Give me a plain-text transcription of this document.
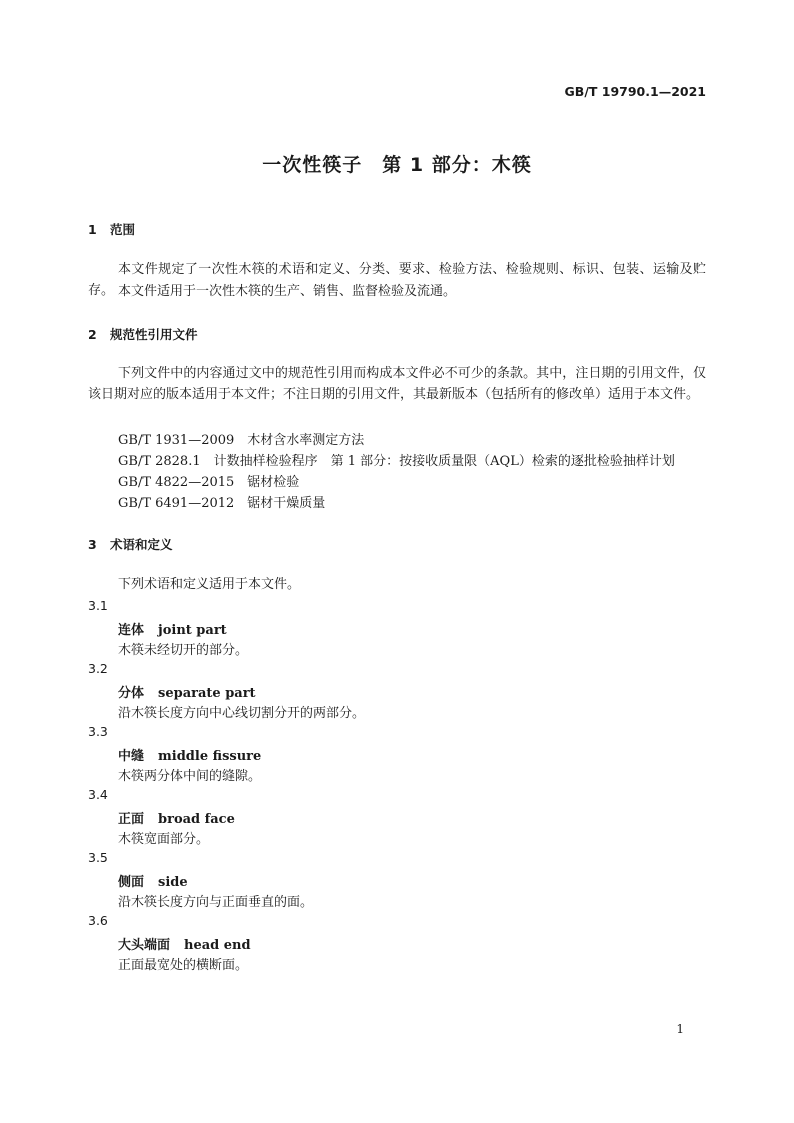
GB/T 19790.1—2021
一次性筷子　第 1 部分：木筷
1 范围
本文件规定了一次性木筷的术语和定义、分类、要求、检验方法、检验规则、标识、包装、运输及贮存。 本文件适用于一次性木筷的生产、销售、监督检验及流通。
2 规范性引用文件
下列文件中的内容通过文中的规范性引用而构成本文件必不可少的条款。其中，注日期的引用文件，仅该日期对应的版本适用于本文件；不注日期的引用文件，其最新版本（包括所有的修改单）适用于本文件。
GB/T 1931—2009　木材含水率测定方法
GB/T 2828.1　计数抽样检验程序　第 1 部分：按接收质量限（AQL）检索的逐批检验抽样计划
GB/T 4822—2015　锯材检验
GB/T 6491—2012　锯材干燥质量
3 术语和定义
下列术语和定义适用于本文件。
3.1
连体 joint part
木筷未经切开的部分。
3.2
分体 separate part
沿木筷长度方向中心线切割分开的两部分。
3.3
中缝 middle fissure
木筷两分体中间的缝隙。
3.4
正面 broad face
木筷宽面部分。
3.5
侧面 side
沿木筷长度方向与正面垂直的面。
3.6
大头端面 head end
正面最宽处的横断面。
1
